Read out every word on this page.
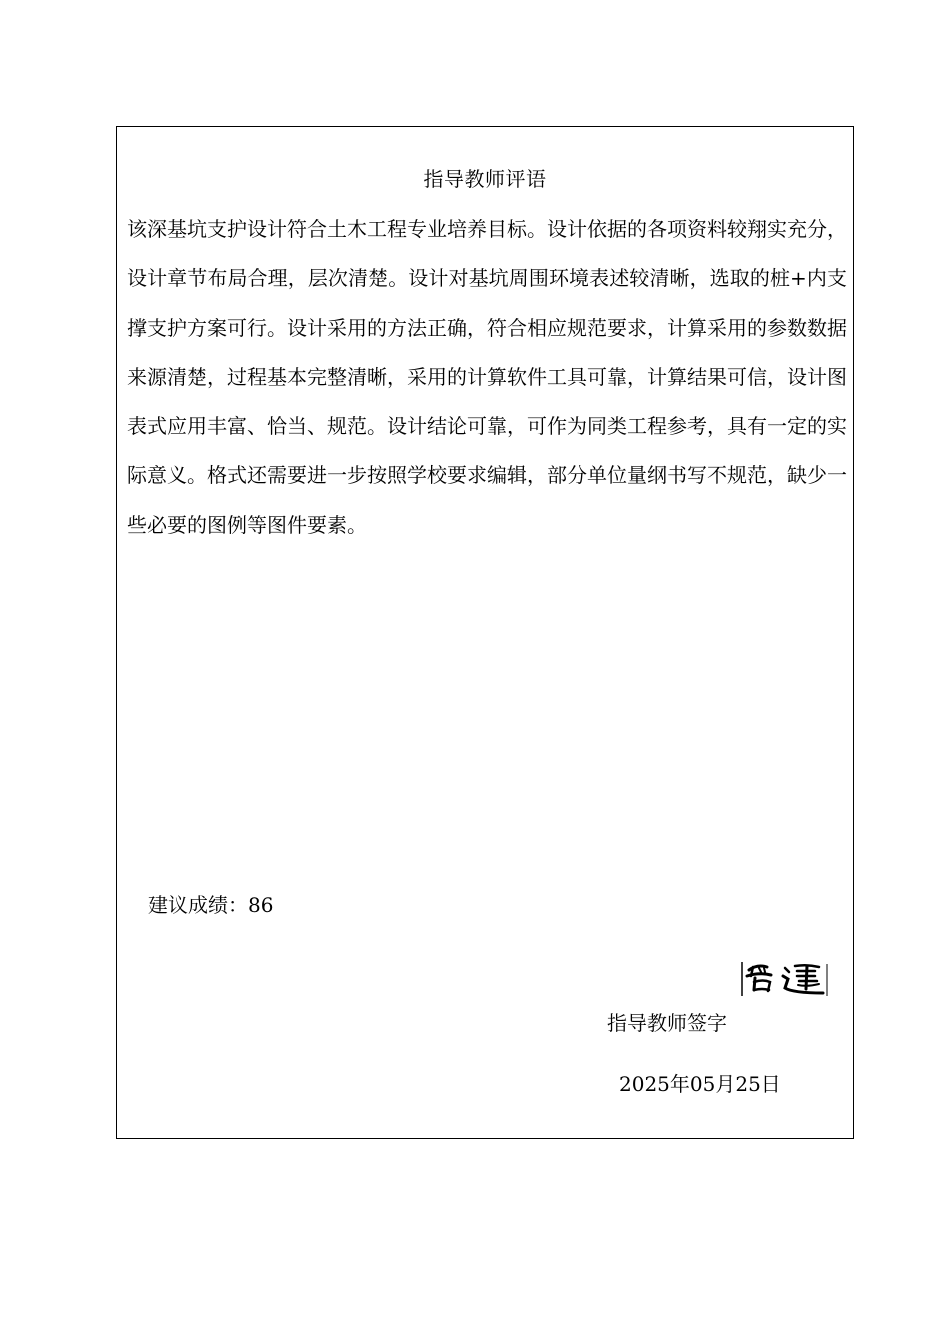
指导教师评语

该深基坑支护设计符合土木工程专业培养目标。设计依据的各项资料较翔实充分，设计章节布局合理，层次清楚。设计对基坑周围环境表述较清晰，选取的桩+内支撑支护方案可行。设计采用的方法正确，符合相应规范要求，计算采用的参数数据来源清楚，过程基本完整清晰，采用的计算软件工具可靠，计算结果可信，设计图表式应用丰富、恰当、规范。设计结论可靠，可作为同类工程参考，具有一定的实际意义。格式还需要进一步按照学校要求编辑，部分单位量纲书写不规范，缺少一些必要的图例等图件要素。

建议成绩：86
指导教师签字
2025年05月25日
